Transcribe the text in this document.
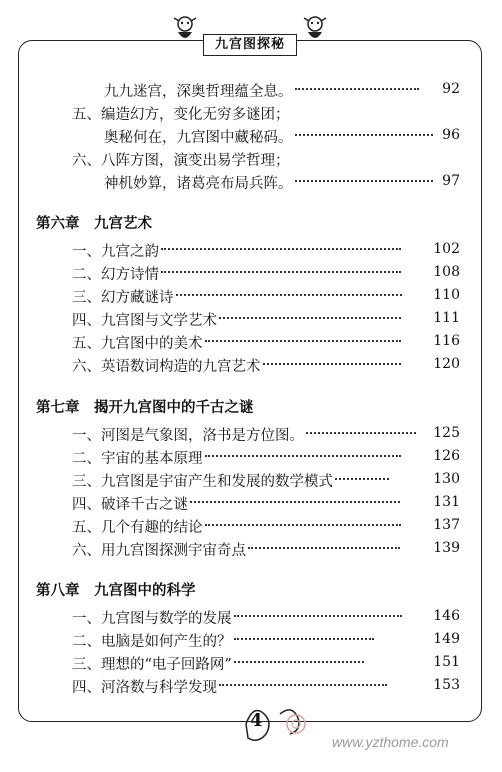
九宫图探秘
九九迷宫，深奥哲理蕴全息。	92
五、编造幻方，变化无穷多谜团；
奥秘何在，九宫图中藏秘码。	96
六、八阵方图，演变出易学哲理；
神机妙算，诸葛亮布局兵阵。	97
第六章　九宫艺术
一、九宫之韵	102
二、幻方诗情	108
三、幻方藏谜诗	110
四、九宫图与文学艺术	111
五、九宫图中的美术	116
六、英语数词构造的九宫艺术	120
第七章　揭开九宫图中的千古之谜
一、河图是气象图，洛书是方位图。	125
二、宇宙的基本原理	126
三、九宫图是宇宙产生和发展的数学模式	130
四、破译千古之谜	131
五、几个有趣的结论	137
六、用九宫图探测宇宙奇点	139
第八章　九宫图中的科学
一、九宫图与数学的发展	146
二、电脑是如何产生的？	149
三、理想的“电子回路网”	151
四、河洛数与科学发现	153
4
www.yzthome.com
